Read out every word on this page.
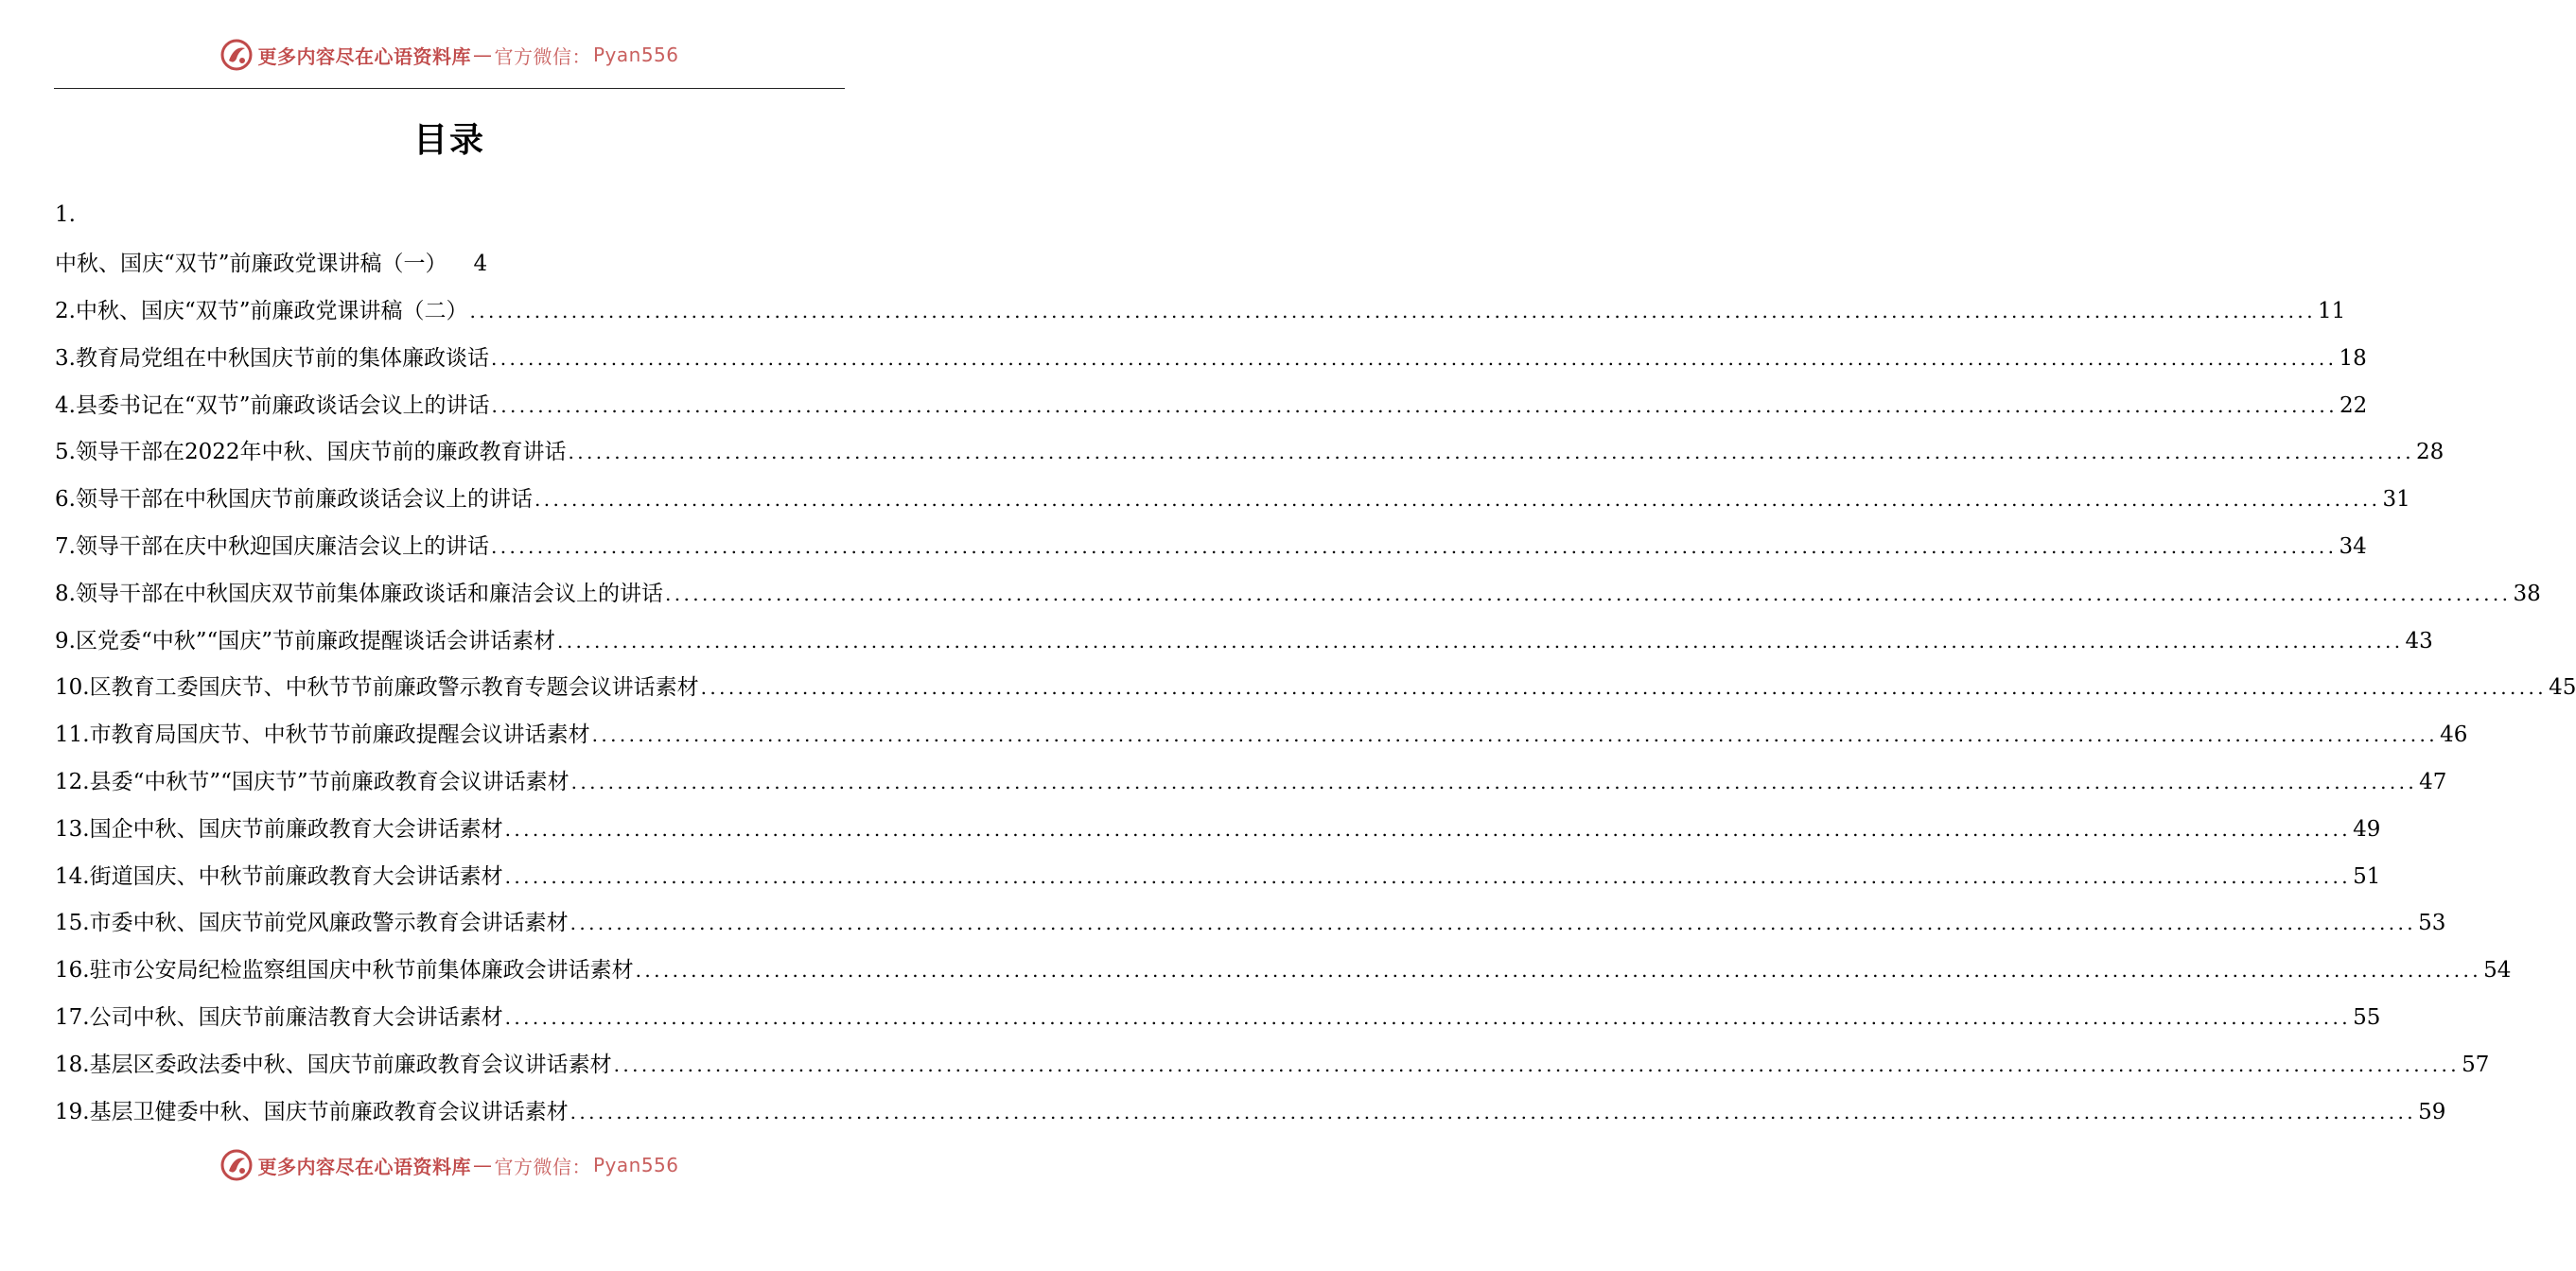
更多内容尽在心语资料库 — 官方微信： Pyan556
目录
1.
中秋、国庆“双节”前廉政党课讲稿（一） 4
2.中秋、国庆“双节”前廉政党课讲稿（二） ........................................................................................................................................................................................................ 11
3.教育局党组在中秋国庆节前的集体廉政谈话 ........................................................................................................................................................................................................ 18
4.县委书记在“双节”前廉政谈话会议上的讲话 ........................................................................................................................................................................................................ 22
5.领导干部在2022年中秋、国庆节前的廉政教育讲话 ........................................................................................................................................................................................................ 28
6.领导干部在中秋国庆节前廉政谈话会议上的讲话 ........................................................................................................................................................................................................ 31
7.领导干部在庆中秋迎国庆廉洁会议上的讲话 ........................................................................................................................................................................................................ 34
8.领导干部在中秋国庆双节前集体廉政谈话和廉洁会议上的讲话 ........................................................................................................................................................................................................ 38
9.区党委“中秋”“国庆”节前廉政提醒谈话会讲话素材 ........................................................................................................................................................................................................ 43
10.区教育工委国庆节、中秋节节前廉政警示教育专题会议讲话素材 ........................................................................................................................................................................................................ 45
11.市教育局国庆节、中秋节节前廉政提醒会议讲话素材 ........................................................................................................................................................................................................ 46
12.县委“中秋节”“国庆节”节前廉政教育会议讲话素材 ........................................................................................................................................................................................................ 47
13.国企中秋、国庆节前廉政教育大会讲话素材 ........................................................................................................................................................................................................ 49
14.街道国庆、中秋节前廉政教育大会讲话素材 ........................................................................................................................................................................................................ 51
15.市委中秋、国庆节前党风廉政警示教育会讲话素材 ........................................................................................................................................................................................................ 53
16.驻市公安局纪检监察组国庆中秋节前集体廉政会讲话素材 ........................................................................................................................................................................................................ 54
17.公司中秋、国庆节前廉洁教育大会讲话素材 ........................................................................................................................................................................................................ 55
18.基层区委政法委中秋、国庆节前廉政教育会议讲话素材 ........................................................................................................................................................................................................ 57
19.基层卫健委中秋、国庆节前廉政教育会议讲话素材 ........................................................................................................................................................................................................ 59
更多内容尽在心语资料库 — 官方微信： Pyan556
